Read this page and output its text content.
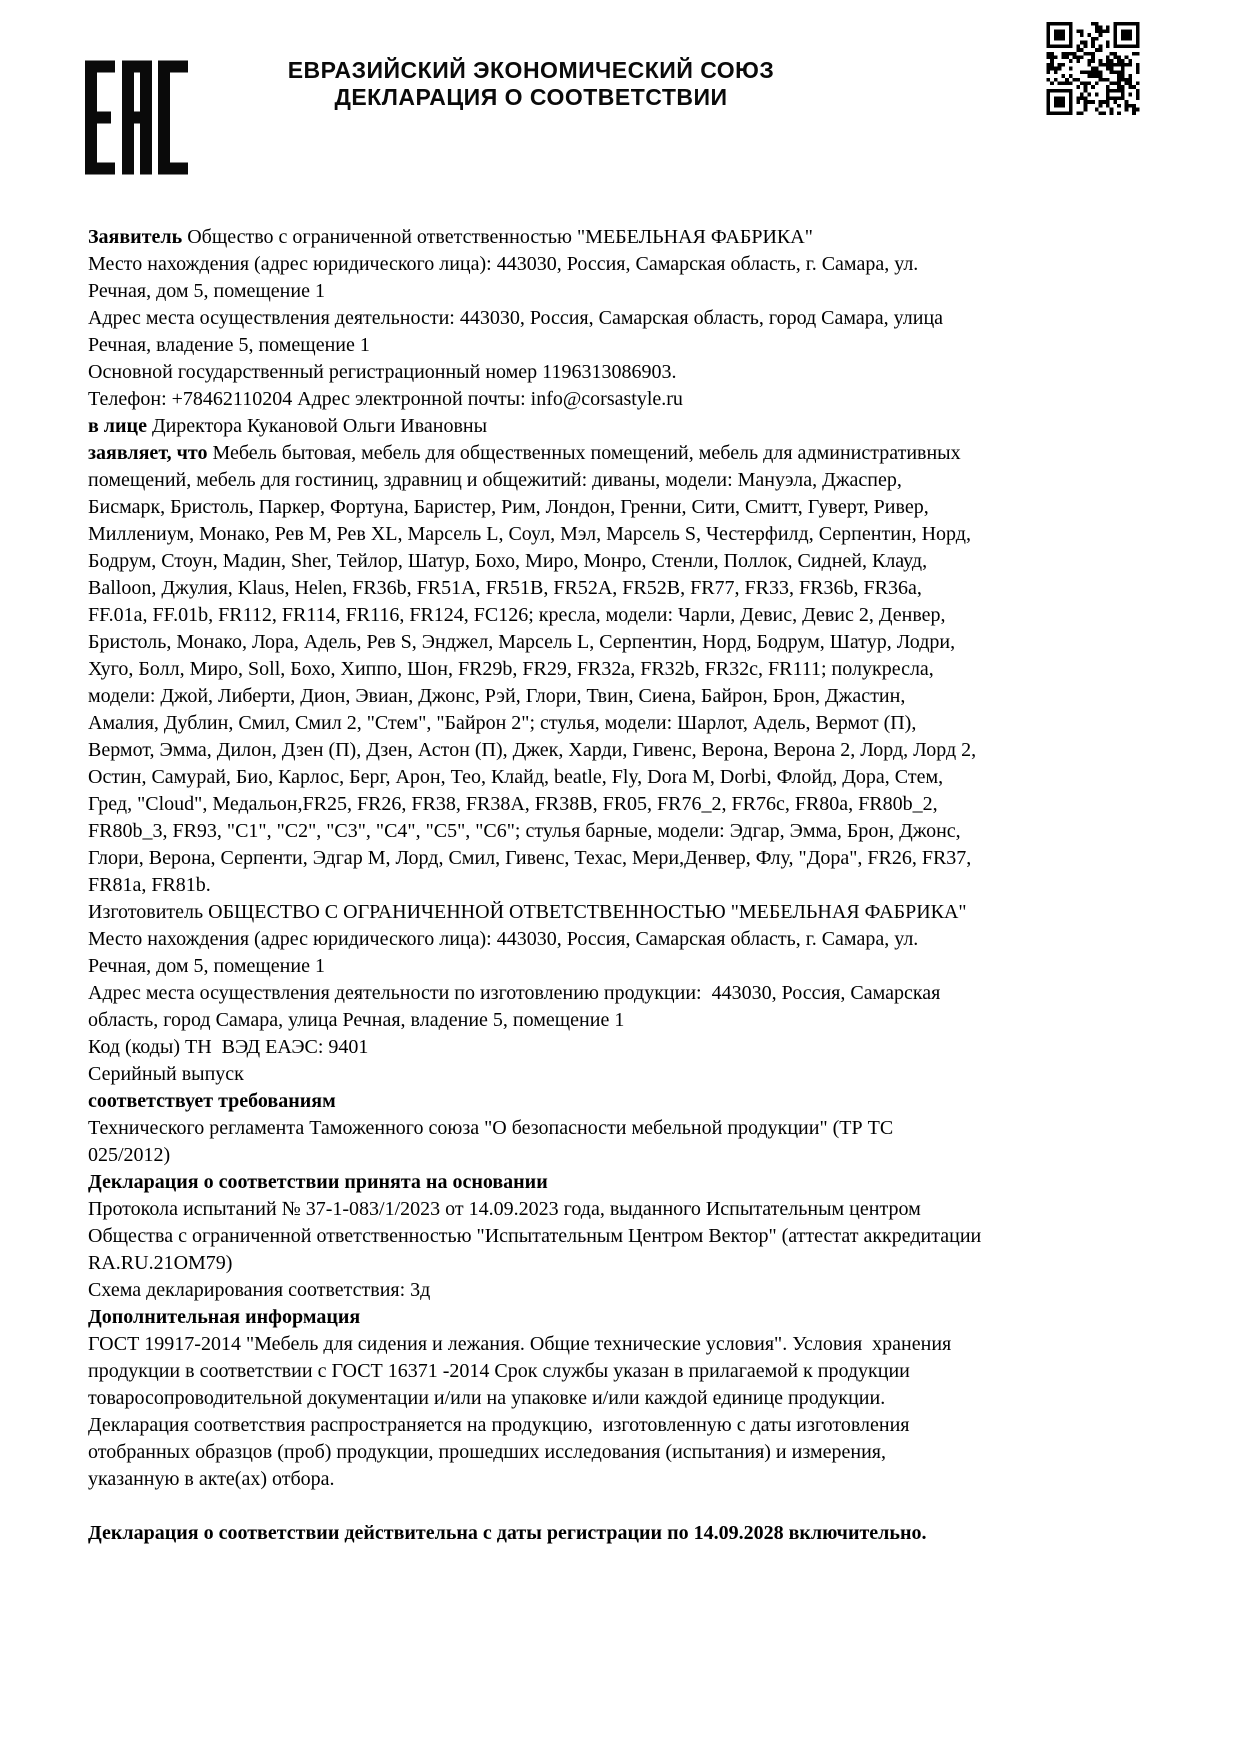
ЕВРАЗИЙСКИЙ ЭКОНОМИЧЕСКИЙ СОЮЗ
ДЕКЛАРАЦИЯ О СООТВЕТСТВИИ
Заявитель Общество с ограниченной ответственностью "МЕБЕЛЬНАЯ ФАБРИКА"
Место нахождения (адрес юридического лица): 443030, Россия, Самарская область, г. Самара, ул.
Речная, дом 5, помещение 1
Адрес места осуществления деятельности: 443030, Россия, Самарская область, город Самара, улица
Речная, владение 5, помещение 1
Основной государственный регистрационный номер 1196313086903.
Телефон: +78462110204 Адрес электронной почты: info@corsastyle.ru
в лице Директора Кукановой Ольги Ивановны
заявляет, что Мебель бытовая, мебель для общественных помещений, мебель для административных
помещений, мебель для гостиниц, здравниц и общежитий: диваны, модели: Мануэла, Джаспер,
Бисмарк, Бристоль, Паркер, Фортуна, Баристер, Рим, Лондон, Гренни, Сити, Смитт, Гуверт, Ривер,
Миллениум, Монако, Рев М, Рев XL, Марсель L, Соул, Мэл, Марсель S, Честерфилд, Серпентин, Норд,
Бодрум, Стоун, Мадин, Sher, Тейлор, Шатур, Бохо, Миро, Монро, Стенли, Поллок, Сидней, Клауд,
Balloon, Джулия, Klaus, Helen, FR36b, FR51A, FR51B, FR52A, FR52B, FR77, FR33, FR36b, FR36a,
FF.01a, FF.01b, FR112, FR114, FR116, FR124, FC126; кресла, модели: Чарли, Девис, Девис 2, Денвер,
Бристоль, Монако, Лора, Адель, Рев S, Энджел, Марсель L, Серпентин, Норд, Бодрум, Шатур, Лодри,
Хуго, Болл, Миро, Soll, Бохо, Хиппо, Шон, FR29b, FR29, FR32a, FR32b, FR32c, FR111; полукресла,
модели: Джой, Либерти, Дион, Эвиан, Джонс, Рэй, Глори, Твин, Сиена, Байрон, Брон, Джастин,
Амалия, Дублин, Смил, Смил 2, "Стем", "Байрон 2"; стулья, модели: Шарлот, Адель, Вермот (П),
Вермот, Эмма, Дилон, Дзен (П), Дзен, Астон (П), Джек, Харди, Гивенс, Верона, Верона 2, Лорд, Лорд 2,
Остин, Самурай, Био, Карлос, Берг, Арон, Тео, Клайд, beatle, Fly, Dora M, Dorbi, Флойд, Дора, Стем,
Гред, "Cloud", Медальон,FR25, FR26, FR38, FR38A, FR38B, FR05, FR76_2, FR76c, FR80a, FR80b_2,
FR80b_3, FR93, "C1", "C2", "C3", "C4", "C5", "C6"; стулья барные, модели: Эдгар, Эмма, Брон, Джонс,
Глори, Верона, Серпенти, Эдгар М, Лорд, Смил, Гивенс, Техас, Мери,Денвер, Флу, "Дора", FR26, FR37,
FR81a, FR81b.
Изготовитель ОБЩЕСТВО С ОГРАНИЧЕННОЙ ОТВЕТСТВЕННОСТЬЮ "МЕБЕЛЬНАЯ ФАБРИКА"
Место нахождения (адрес юридического лица): 443030, Россия, Самарская область, г. Самара, ул.
Речная, дом 5, помещение 1
Адрес места осуществления деятельности по изготовлению продукции:  443030, Россия, Самарская
область, город Самара, улица Речная, владение 5, помещение 1
Код (коды) ТН  ВЭД ЕАЭС: 9401
Серийный выпуск
соответствует требованиям
Технического регламента Таможенного союза "О безопасности мебельной продукции" (ТР ТС
025/2012)
Декларация о соответствии принята на основании
Протокола испытаний № 37-1-083/1/2023 от 14.09.2023 года, выданного Испытательным центром
Общества с ограниченной ответственностью "Испытательным Центром Вектор" (аттестат аккредитации
RA.RU.21ОМ79)
Схема декларирования соответствия: 3д
Дополнительная информация
ГОСТ 19917-2014 "Мебель для сидения и лежания. Общие технические условия". Условия  хранения
продукции в соответствии с ГОСТ 16371 -2014 Срок службы указан в прилагаемой к продукции
товаросопроводительной документации и/или на упаковке и/или каждой единице продукции.
Декларация соответствия распространяется на продукцию,  изготовленную с даты изготовления
отобранных образцов (проб) продукции, прошедших исследования (испытания) и измерения,
указанную в акте(ах) отбора.
Декларация о соответствии действительна с даты регистрации по 14.09.2028 включительно.
